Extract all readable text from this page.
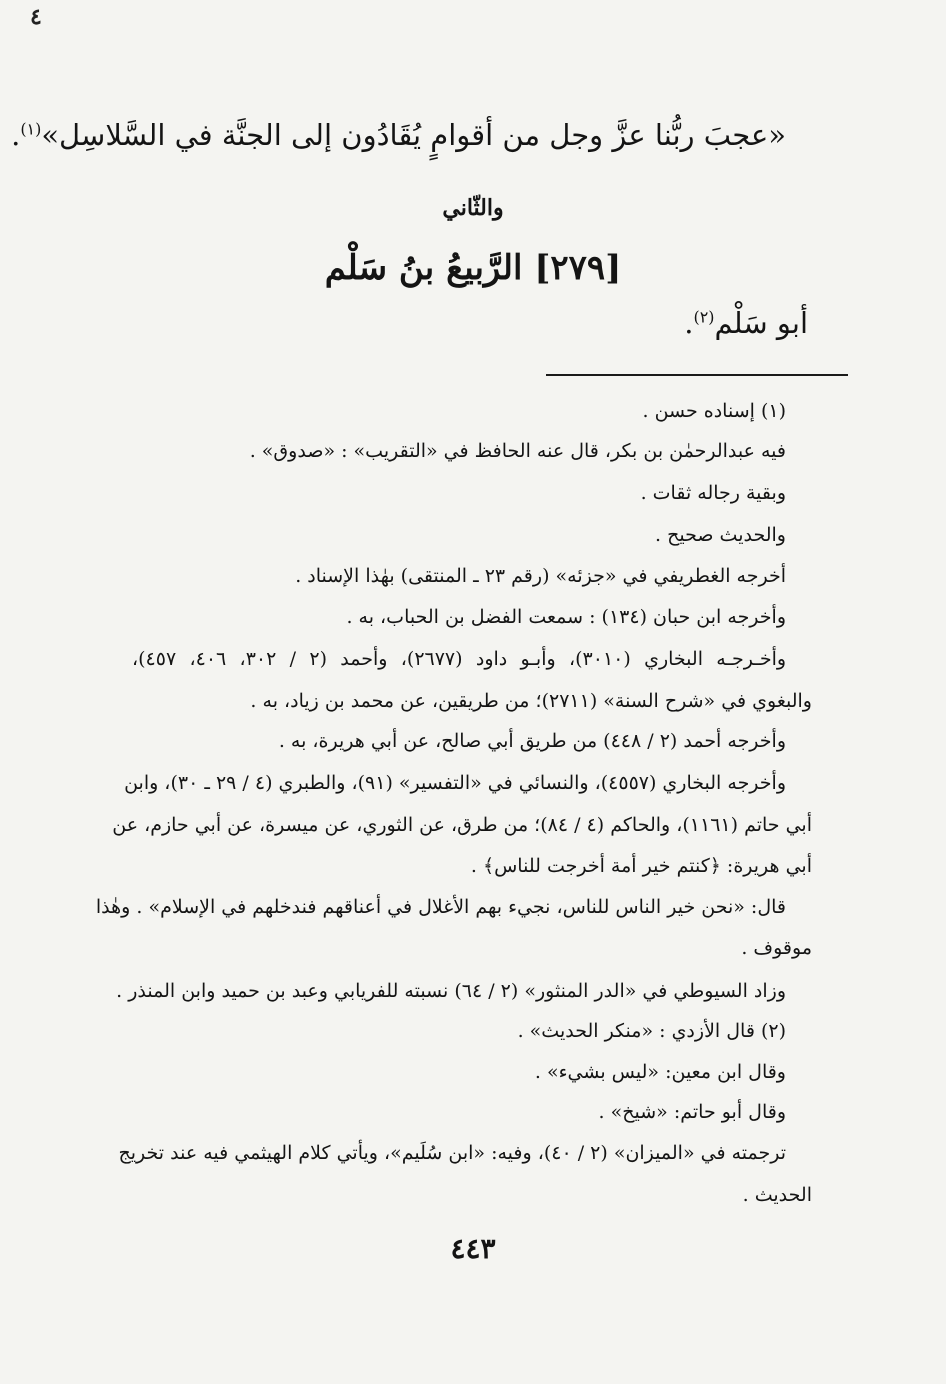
٤
«عجبَ ربُّنا عزَّ وجل من أقوامٍ يُقَادُون إلى الجنَّة في السَّلاسِل»$^{(١)}$.
والثّاني
[٢٧٩] الرَّبيعُ بنُ سَلْم
أبو سَلْم$^{(٢)}$.
(١) إسناده حسن .
فيه عبدالرحمٰن بن بكر، قال عنه الحافظ في «التقريب» : «صدوق» .
وبقية رجاله ثقات .
والحديث صحيح .
أخرجه الغطريفي في «جزئه» (رقم ٢٣ ـ المنتقى) بهٰذا الإسناد .
وأخرجه ابن حبان (١٣٤) : سمعت الفضل بن الحباب، به .
وأخـرجـه البخاري (٣٠١٠)، وأبـو داود (٢٦٧٧)، وأحمد (٢ / ٣٠٢، ٤٠٦، ٤٥٧)،
والبغوي في «شرح السنة» (٢٧١١)؛ من طريقين، عن محمد بن زياد، به .
وأخرجه أحمد (٢ / ٤٤٨) من طريق أبي صالح، عن أبي هريرة، به .
وأخرجه البخاري (٤٥٥٧)، والنسائي في «التفسير» (٩١)، والطبري (٤ / ٢٩ ـ ٣٠)، وابن
أبي حاتم (١١٦١)، والحاكم (٤ / ٨٤)؛ من طرق، عن الثوري، عن ميسرة، عن أبي حازم، عن
أبي هريرة: ﴿كنتم خير أمة أخرجت للناس﴾ .
قال: «نحن خير الناس للناس، نجيء بهم الأغلال في أعناقهم فندخلهم في الإسلام» . وهٰذا
موقوف .
وزاد السيوطي في «الدر المنثور» (٢ / ٦٤) نسبته للفريابي وعبد بن حميد وابن المنذر .
(٢) قال الأزدي : «منكر الحديث» .
وقال ابن معين: «ليس بشيء» .
وقال أبو حاتم: «شيخ» .
ترجمته في «الميزان» (٢ / ٤٠)، وفيه: «ابن سُلَيم»، ويأتي كلام الهيثمي فيه عند تخريج
الحديث .
٤٤٣
